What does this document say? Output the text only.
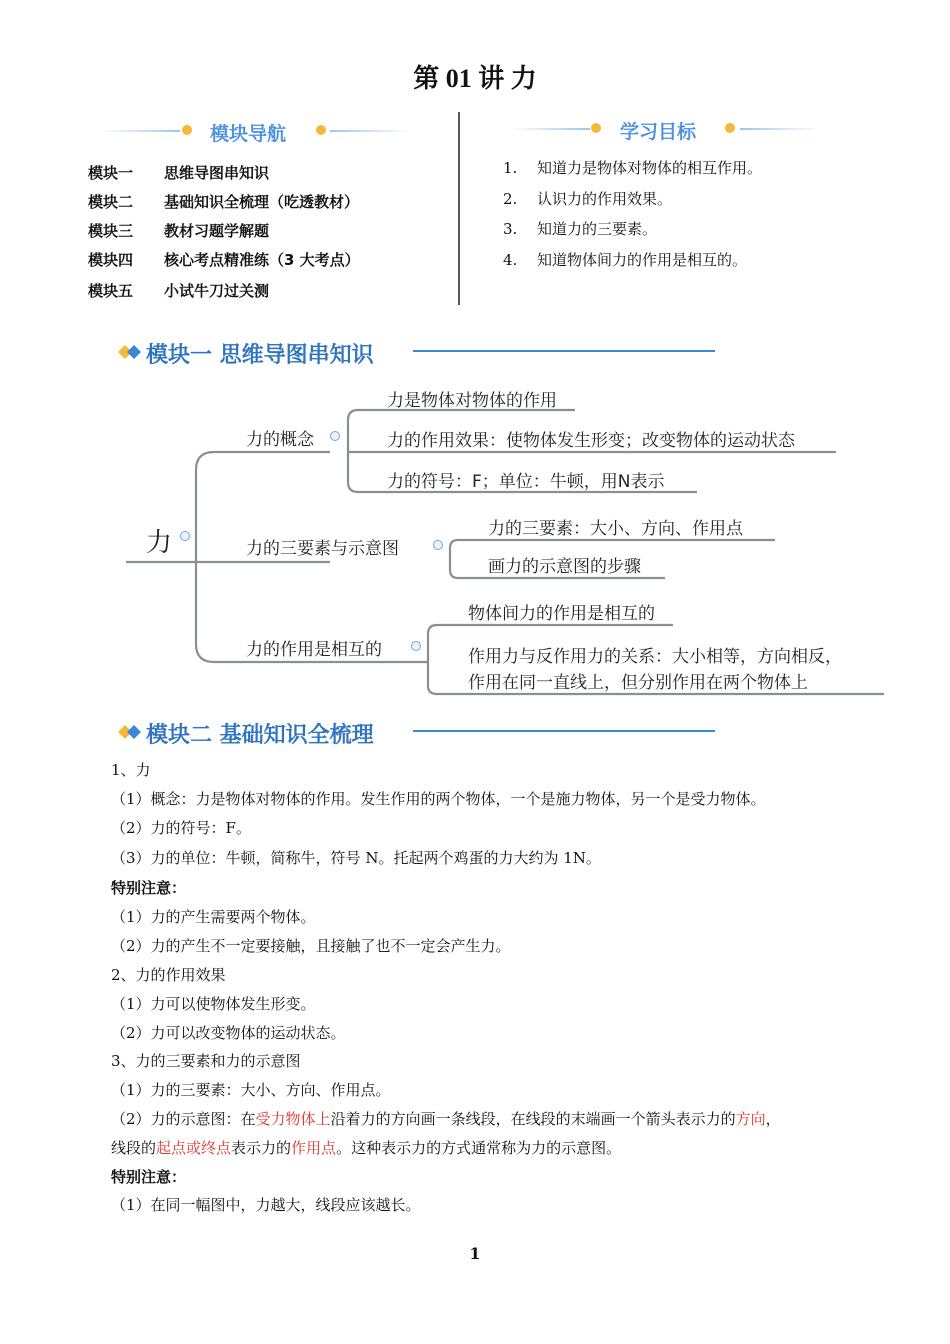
第 01 讲 力
模块导航
模块一 思维导图串知识
模块二 基础知识全梳理（吃透教材）
模块三 教材习题学解题
模块四 核心考点精准练（3 大考点）
模块五 小试牛刀过关测
学习目标
1. 知道力是物体对物体的相互作用。
2. 认识力的作用效果。
3. 知道力的三要素。
4. 知道物体间力的作用是相互的。
模块一 思维导图串知识
力
力的概念
力是物体对物体的作用
力的作用效果：使物体发生形变；改变物体的运动状态
力的符号：F；单位：牛顿，用N表示
力的三要素与示意图
力的三要素：大小、方向、作用点
画力的示意图的步骤
力的作用是相互的
物体间力的作用是相互的
作用力与反作用力的关系：大小相等，方向相反，
作用在同一直线上，但分别作用在两个物体上
模块二 基础知识全梳理
1、力
（1）概念：力是物体对物体的作用。发生作用的两个物体，一个是施力物体，另一个是受力物体。
（2）力的符号：F。
（3）力的单位：牛顿，简称牛，符号 N。托起两个鸡蛋的力大约为 1N。
特别注意：
（1）力的产生需要两个物体。
（2）力的产生不一定要接触，且接触了也不一定会产生力。
2、力的作用效果
（1）力可以使物体发生形变。
（2）力可以改变物体的运动状态。
3、力的三要素和力的示意图
（1）力的三要素：大小、方向、作用点。
（2）力的示意图：在受力物体上沿着力的方向画一条线段，在线段的末端画一个箭头表示力的方向，
线段的起点或终点表示力的作用点。这种表示力的方式通常称为力的示意图。
特别注意：
（1）在同一幅图中，力越大，线段应该越长。
1
